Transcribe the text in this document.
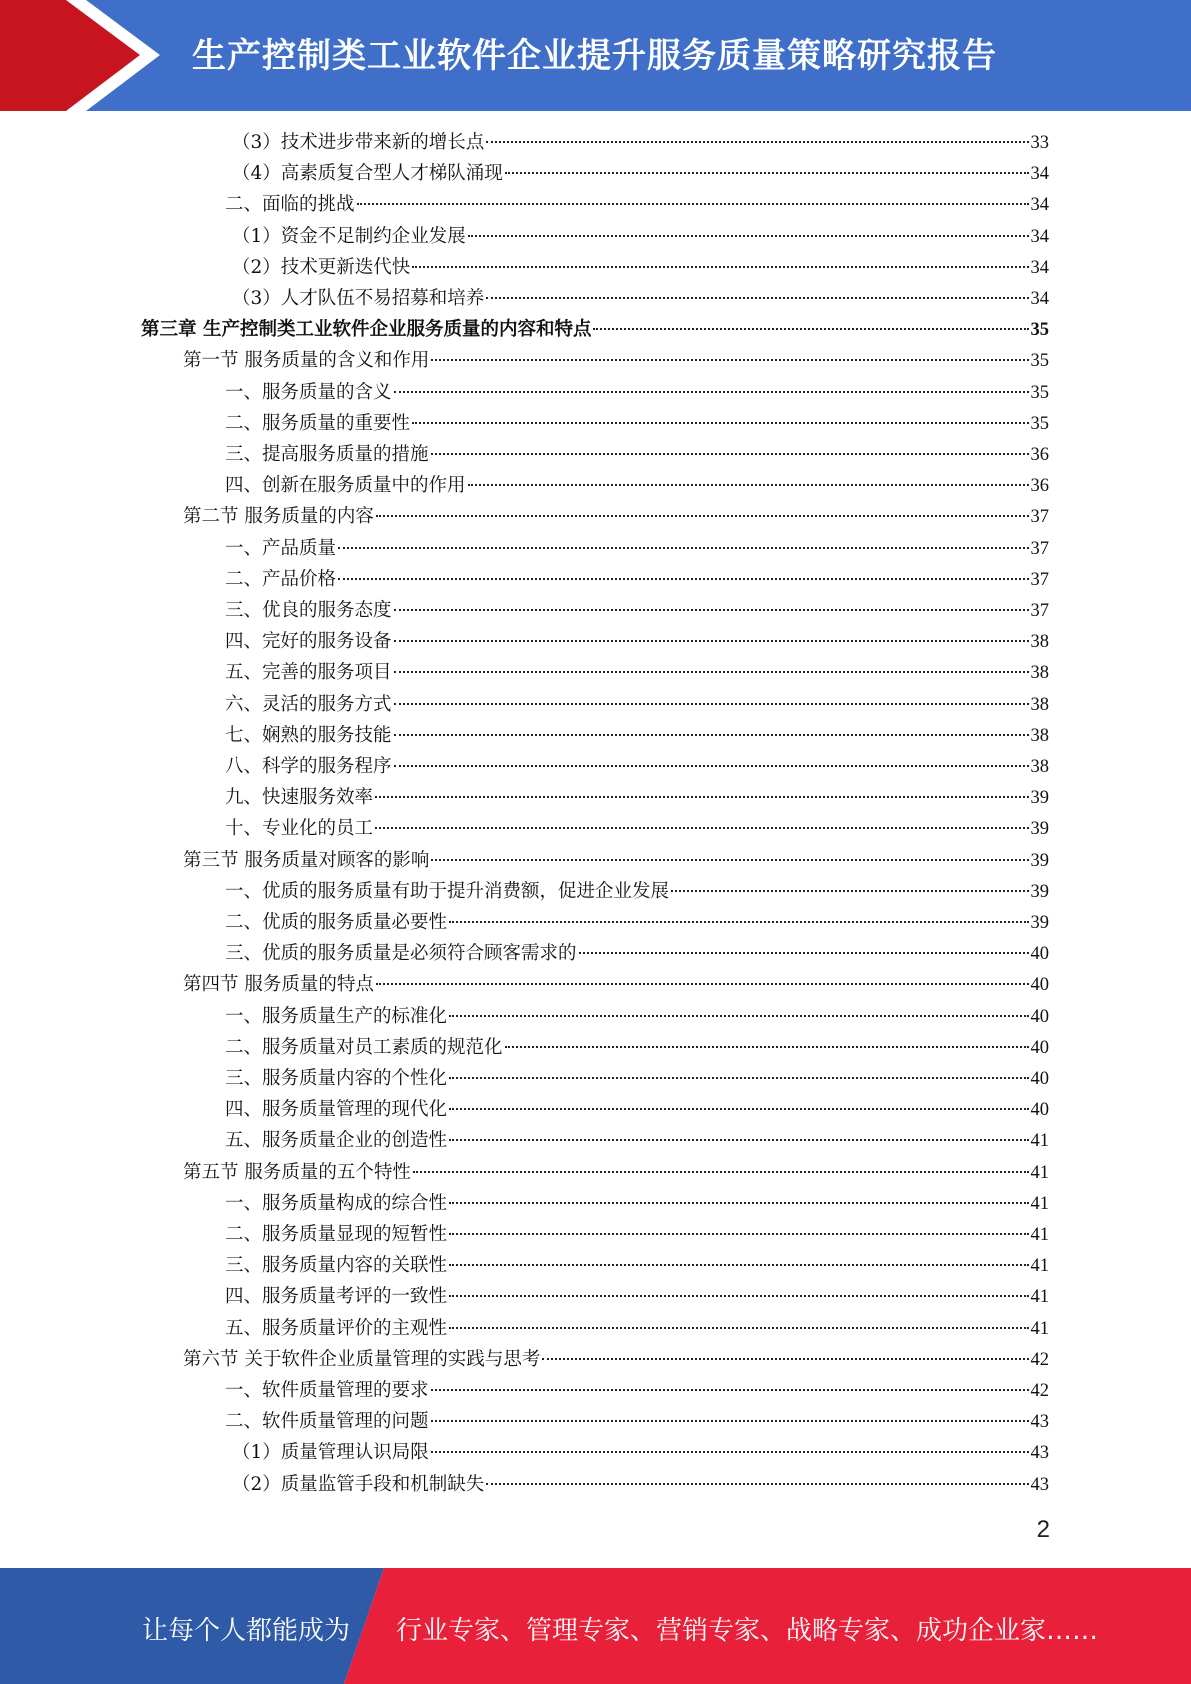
生产控制类工业软件企业提升服务质量策略研究报告
（3）技术进步带来新的增长点	33
（4）高素质复合型人才梯队涌现	34
二、面临的挑战	34
（1）资金不足制约企业发展	34
（2）技术更新迭代快	34
（3）人才队伍不易招募和培养	34
第三章 生产控制类工业软件企业服务质量的内容和特点	35
第一节 服务质量的含义和作用	35
一、服务质量的含义	35
二、服务质量的重要性	35
三、提高服务质量的措施	36
四、创新在服务质量中的作用	36
第二节 服务质量的内容	37
一、产品质量	37
二、产品价格	37
三、优良的服务态度	37
四、完好的服务设备	38
五、完善的服务项目	38
六、灵活的服务方式	38
七、娴熟的服务技能	38
八、科学的服务程序	38
九、快速服务效率	39
十、专业化的员工	39
第三节 服务质量对顾客的影响	39
一、优质的服务质量有助于提升消费额，促进企业发展	39
二、优质的服务质量必要性	39
三、优质的服务质量是必须符合顾客需求的	40
第四节 服务质量的特点	40
一、服务质量生产的标准化	40
二、服务质量对员工素质的规范化	40
三、服务质量内容的个性化	40
四、服务质量管理的现代化	40
五、服务质量企业的创造性	41
第五节 服务质量的五个特性	41
一、服务质量构成的综合性	41
二、服务质量显现的短暂性	41
三、服务质量内容的关联性	41
四、服务质量考评的一致性	41
五、服务质量评价的主观性	41
第六节 关于软件企业质量管理的实践与思考	42
一、软件质量管理的要求	42
二、软件质量管理的问题	43
（1）质量管理认识局限	43
（2）质量监管手段和机制缺失	43
2
让每个人都能成为 行业专家、管理专家、营销专家、战略专家、成功企业家……
